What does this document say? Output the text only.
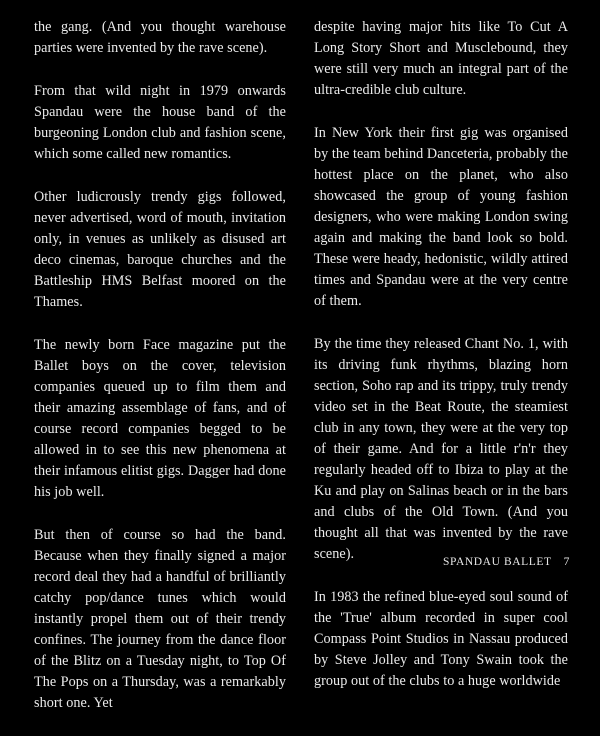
the gang. (And you thought warehouse parties were invented by the rave scene).

From that wild night in 1979 onwards Spandau were the house band of the burgeoning London club and fashion scene, which some called new romantics.

Other ludicrously trendy gigs followed, never advertised, word of mouth, invitation only, in venues as unlikely as disused art deco cinemas, baroque churches and the Battleship HMS Belfast moored on the Thames.

The newly born Face magazine put the Ballet boys on the cover, television companies queued up to film them and their amazing assemblage of fans, and of course record companies begged to be allowed in to see this new phenomena at their infamous elitist gigs. Dagger had done his job well.

But then of course so had the band. Because when they finally signed a major record deal they had a handful of brilliantly catchy pop/dance tunes which would instantly propel them out of their trendy confines. The journey from the dance floor of the Blitz on a Tuesday night, to Top Of The Pops on a Thursday, was a remarkably short one. Yet

despite having major hits like To Cut A Long Story Short and Musclebound, they were still very much an integral part of the ultra-credible club culture.

In New York their first gig was organised by the team behind Danceteria, probably the hottest place on the planet, who also showcased the group of young fashion designers, who were making London swing again and making the band look so bold. These were heady, hedonistic, wildly attired times and Spandau were at the very centre of them.

By the time they released Chant No. 1, with its driving funk rhythms, blazing horn section, Soho rap and its trippy, truly trendy video set in the Beat Route, the steamiest club in any town, they were at the very top of their game. And for a little r'n'r they regularly headed off to Ibiza to play at the Ku and play on Salinas beach or in the bars and clubs of the Old Town. (And you thought all that was invented by the rave scene).

In 1983 the refined blue-eyed soul sound of the 'True' album recorded in super cool Compass Point Studios in Nassau produced by Steve Jolley and Tony Swain took the group out of the clubs to a huge worldwide

SPANDAU BALLET 7
